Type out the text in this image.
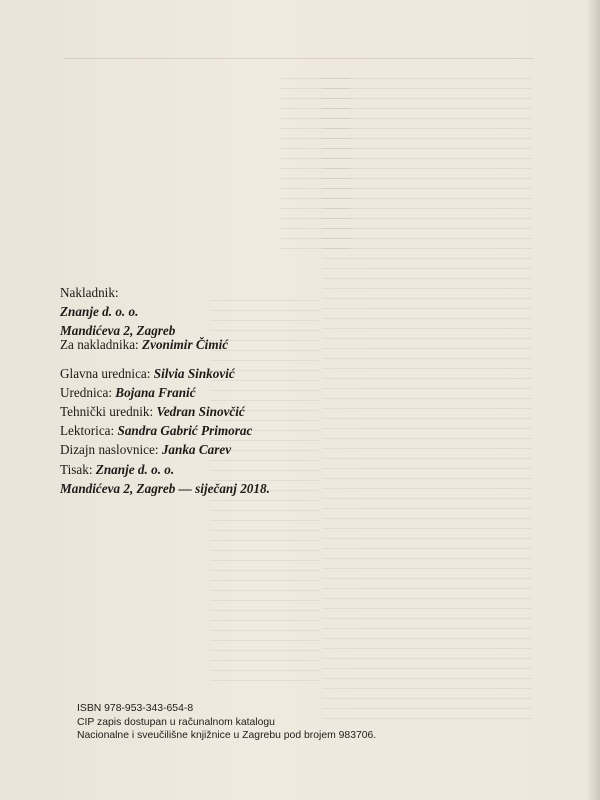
Nakladnik:
Znanje d. o. o.
Mandićeva 2, Zagreb
Za nakladnika: Zvonimir Čimić
Glavna urednica: Silvia Sinković
Urednica: Bojana Franić
Tehnički urednik: Vedran Sinovčić
Lektorica: Sandra Gabrić Primorac
Dizajn naslovnice: Janka Carev
Tisak: Znanje d. o. o.
Mandićeva 2, Zagreb — siječanj 2018.
ISBN 978-953-343-654-8
CIP zapis dostupan u računalnom katalogu
Nacionalne i sveučilišne knjižnice u Zagrebu pod brojem 983706.
